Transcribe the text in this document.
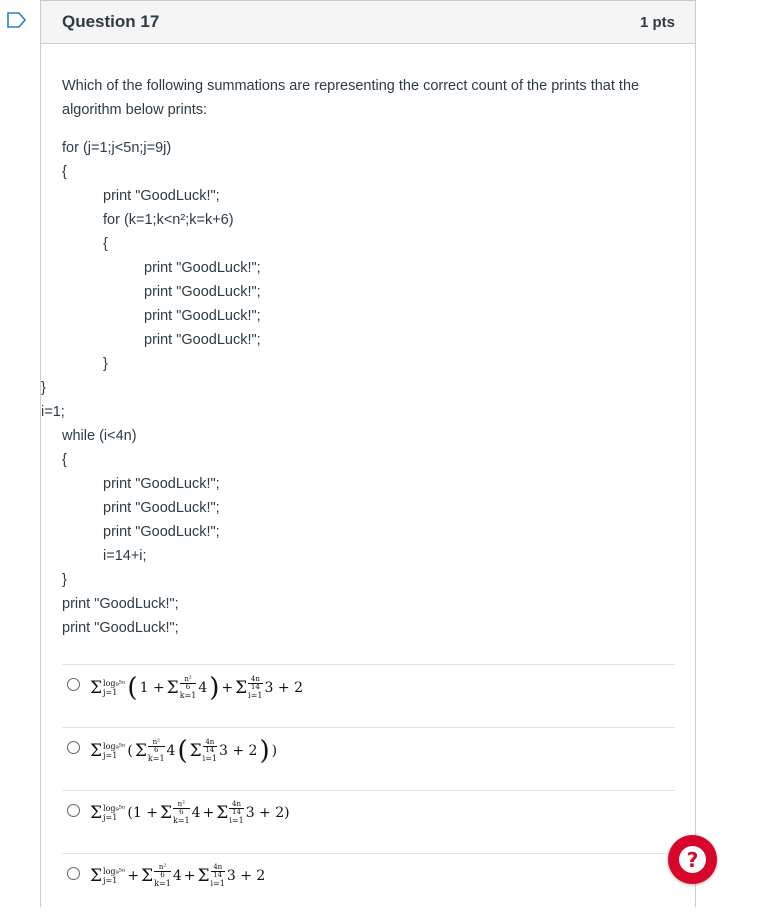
Question 17	1 pts
Which of the following summations are representing the correct count of the prints that the algorithm below prints:
for (j=1;j<5n;j=9j)
{
print "GoodLuck!";
for (k=1;k<n²;k=k+6)
{
print "GoodLuck!";
print "GoodLuck!";
print "GoodLuck!";
print "GoodLuck!";
}
}
i=1;
while (i<4n)
{
print "GoodLuck!";
print "GoodLuck!";
print "GoodLuck!";
i=14+i;
}
print "GoodLuck!";
print "GoodLuck!";
Σ log₉⁵ⁿ
j=1 ( 1 + Σ $\frac{\text{n²}}{6}$
k=1 4 ) + Σ $\frac{4n}{14}$
i=1 3 + 2
Σ log₉⁵ⁿ
j=1 ( Σ $\frac{\text{n²}}{6}$
k=1 4 ( Σ $\frac{4n}{14}$
i=1 3 + 2 ) )
Σ log₉⁵ⁿ
j=1 (1 + Σ $\frac{\text{n²}}{6}$
k=1 4 + Σ $\frac{4n}{14}$
i=1 3 + 2)
Σ log₉⁵ⁿ
j=1 + Σ $\frac{\text{n²}}{6}$
k=1 4 + Σ $\frac{4n}{14}$
i=1 3 + 2
?
